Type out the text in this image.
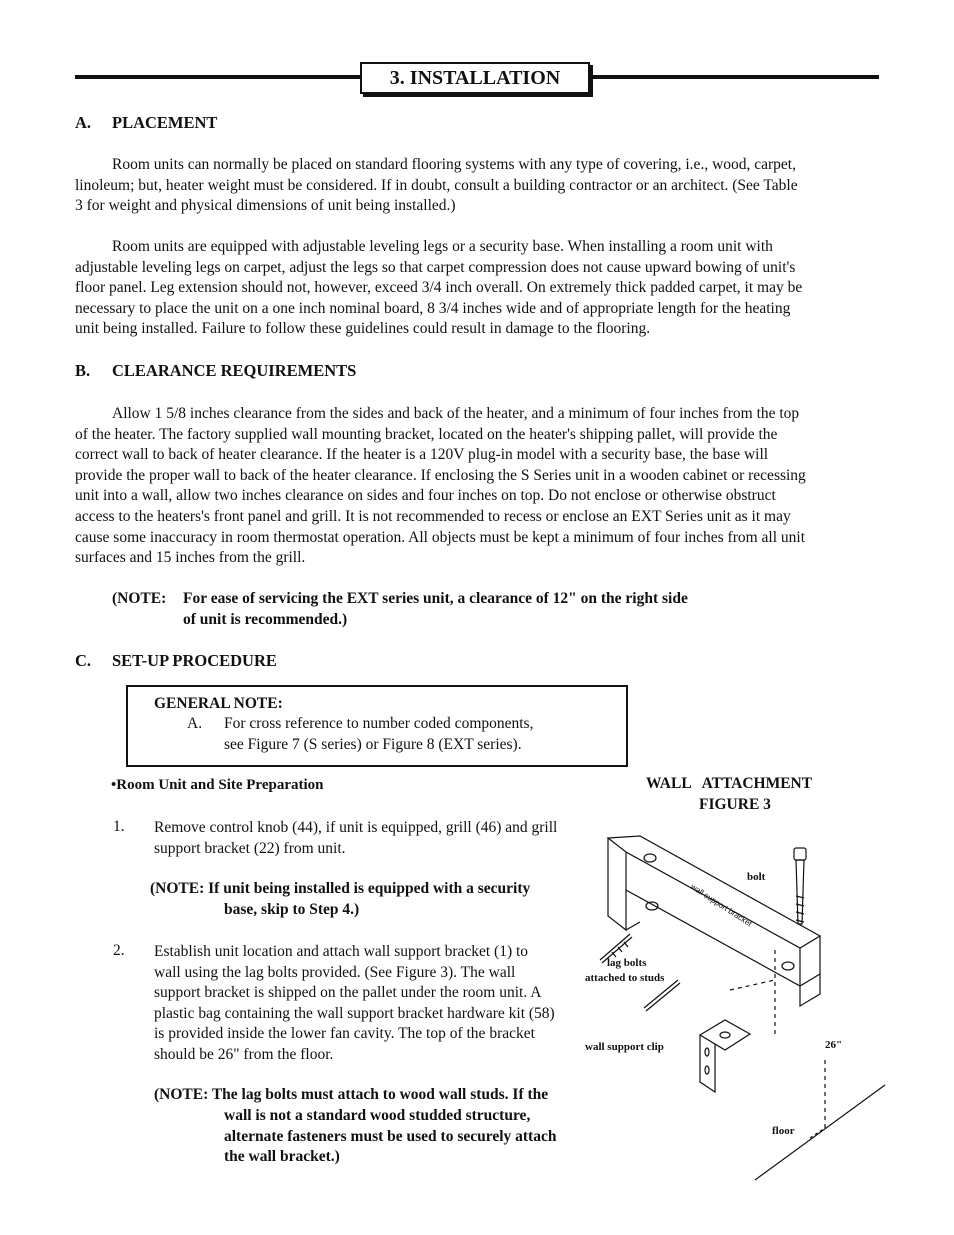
3. INSTALLATION
A. PLACEMENT
Room units can normally be placed on standard flooring systems with any type of covering, i.e., wood, carpet,
linoleum; but, heater weight must be considered. If in doubt, consult a building contractor or an architect. (See Table
3 for weight and physical dimensions of unit being installed.)
Room units are equipped with adjustable leveling legs or a security base. When installing a room unit with
adjustable leveling legs on carpet, adjust the legs so that carpet compression does not cause upward bowing of unit's
floor panel. Leg extension should not, however, exceed 3/4 inch overall. On extremely thick padded carpet, it may be
necessary to place the unit on a one inch nominal board, 8 3/4 inches wide and of appropriate length for the heating
unit being installed. Failure to follow these guidelines could result in damage to the flooring.
B. CLEARANCE REQUIREMENTS
Allow 1 5/8 inches clearance from the sides and back of the heater, and a minimum of four inches from the top
of the heater. The factory supplied wall mounting bracket, located on the heater's shipping pallet, will provide the
correct wall to back of heater clearance. If the heater is a 120V plug-in model with a security base, the base will
provide the proper wall to back of the heater clearance. If enclosing the S Series unit in a wooden cabinet or recessing
unit into a wall, allow two inches clearance on sides and four inches on top. Do not enclose or otherwise obstruct
access to the heaters's front panel and grill. It is not recommended to recess or enclose an EXT Series unit as it may
cause some inaccuracy in room thermostat operation. All objects must be kept a minimum of four inches from all unit
surfaces and 15 inches from the grill.
(NOTE: For ease of servicing the EXT series unit, a clearance of 12" on the right side
of unit is recommended.)
C. SET-UP PROCEDURE
GENERAL NOTE:
A. For cross reference to number coded components,
see Figure 7 (S series) or Figure 8 (EXT series).
•Room Unit and Site Preparation
1. Remove control knob (44), if unit is equipped, grill (46) and grill
support bracket (22) from unit.
(NOTE: If unit being installed is equipped with a security
base, skip to Step 4.)
2. Establish unit location and attach wall support bracket (1) to
wall using the lag bolts provided. (See Figure 3). The wall
support bracket is shipped on the pallet under the room unit. A
plastic bag containing the wall support bracket hardware kit (58)
is provided inside the lower fan cavity. The top of the bracket
should be 26" from the floor.
(NOTE: The lag bolts must attach to wood wall studs. If the
wall is not a standard wood studded structure,
alternate fasteners must be used to securely attach
the wall bracket.)
WALL   ATTACHMENT
FIGURE 3
wall support bracket
bolt
lag bolts
attached to studs
wall support clip	26"
floor
